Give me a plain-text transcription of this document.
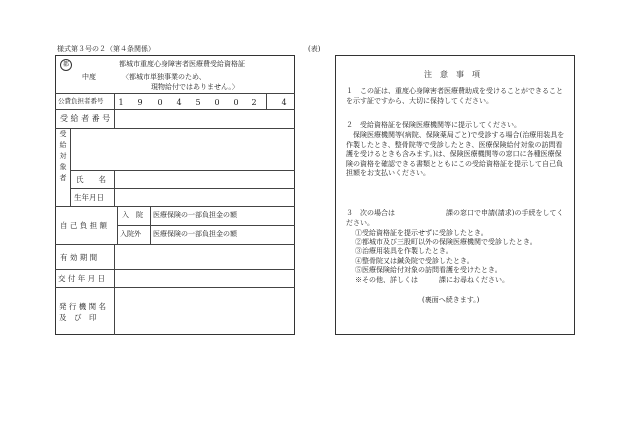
様式第３号の２（第４条関係）	(表)
都	都城市重度心身障害者医療費受給資格証
中度	〈都城市単独事業のため、
現物給付ではありません。〉
公費負担者番号	1	9	0	4	5	0	0	2	4
受 給 者 番 号
受
給
対
象
者 氏　　名
生年月日
自 己 負 担 額
入　院 医療保険の一部負担金の額
入院外 医療保険の一部負担金の額
有 効 期 間
交 付 年 月 日
発 行 機 関 名
及　び　印
注　意　事　項
１　この証は、重度心身障害者医療費助成を受けることができることを示す証ですから、大切に保持してください。
２　受給資格証を保険医療機関等に提示してください。
保険医療機関等(病院、保険薬局ごと)で受診する場合(治療用装具を作製したとき、整骨院等で受診したとき、医療保険給付対象の訪問看護を受けるときも含みます。)は、保険医療機関等の窓口に各種医療保険の資格を確認できる書類とともにこの受給資格証を提示して自己負担額をお支払いください。
３　次の場合は	課の窓口で申請(請求)の手続をしてください。
①受給資格証を提示せずに受診したとき。
②都城市及び三股町以外の保険医療機関で受診したとき。
③治療用装具を作製したとき。
④整骨院又は鍼灸院で受診したとき。
⑤医療保険給付対象の訪問看護を受けたとき。
※その他、詳しくは	課にお尋ねください。
(裏面へ続きます。)
